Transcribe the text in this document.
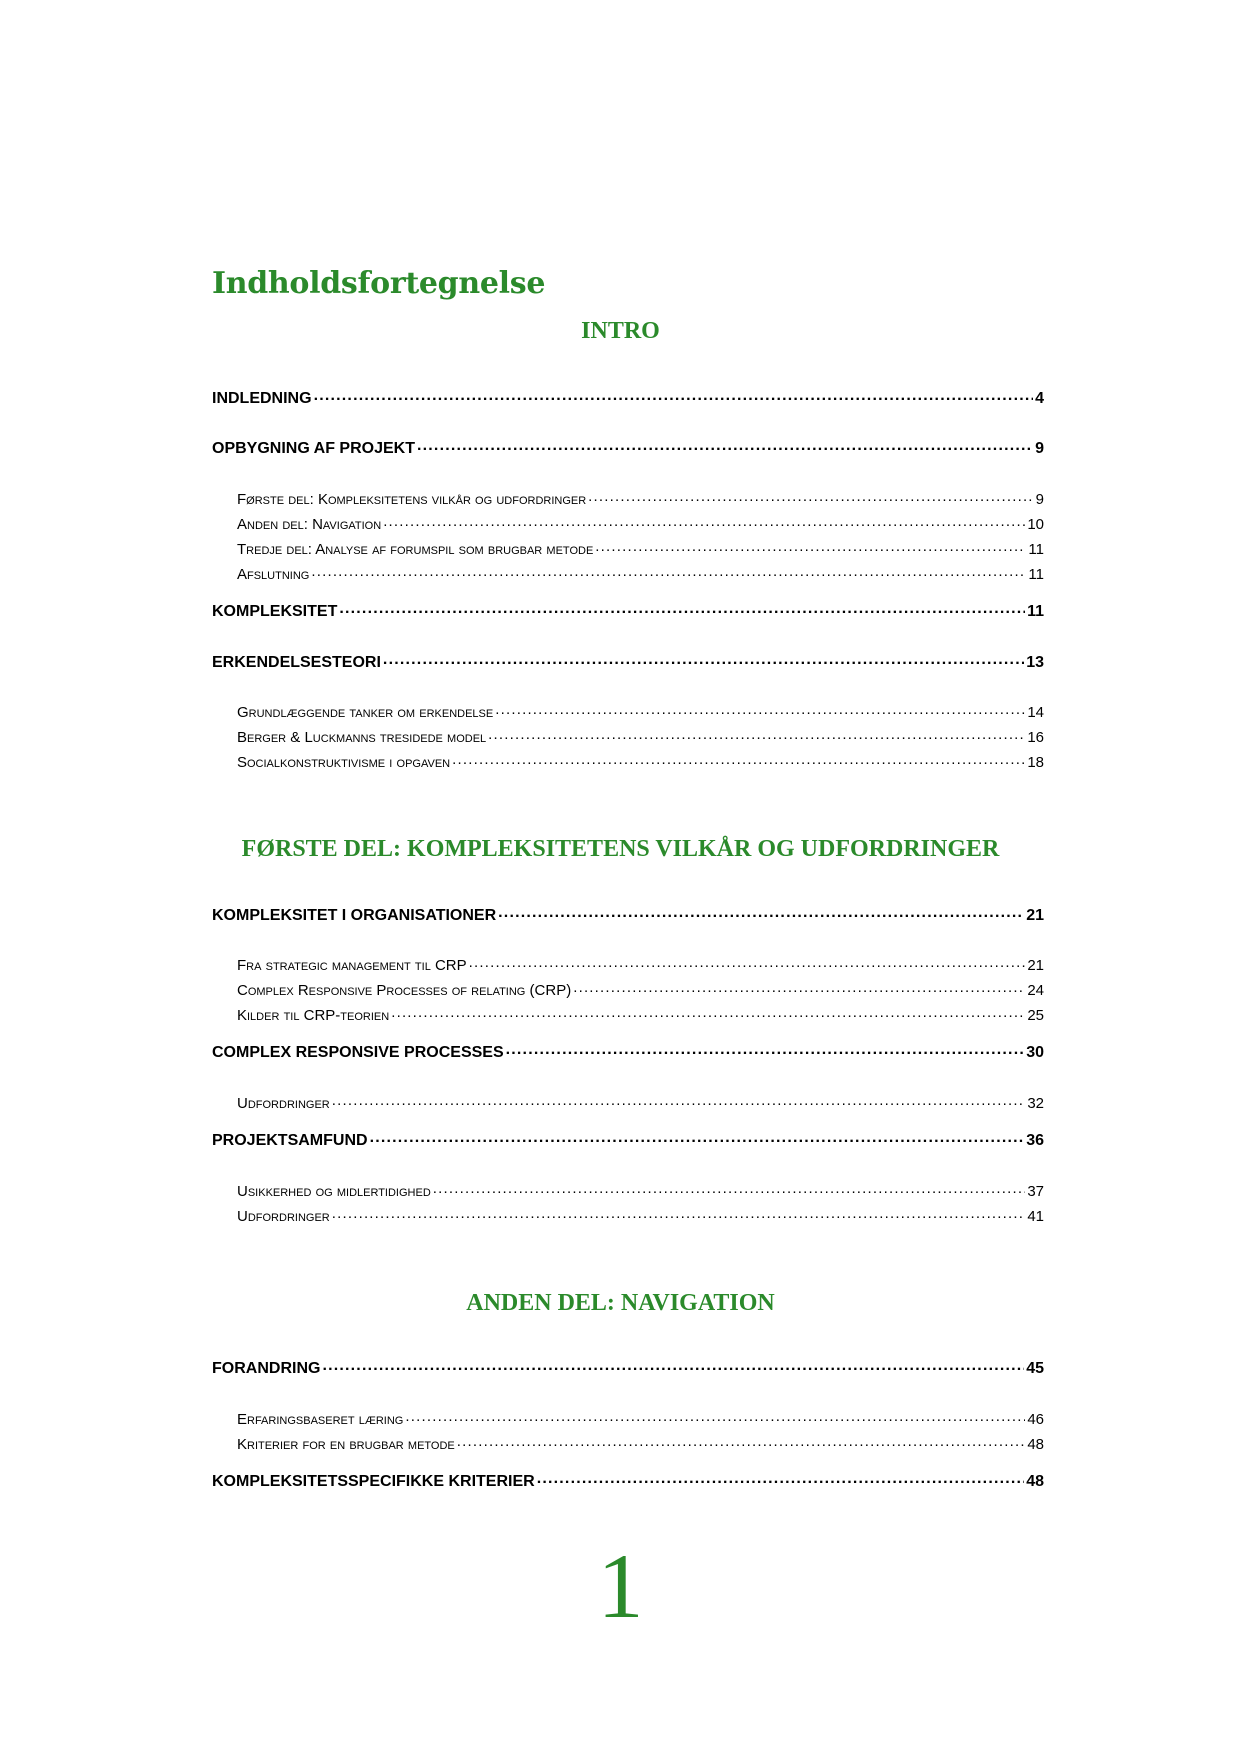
Indholdsfortegnelse
INTRO
INDLEDNING .....	4
OPBYGNING AF PROJEKT .....	9
Første del: Kompleksitetens vilkår og udfordringer .....	9
Anden del: Navigation .....	10
Tredje del: Analyse af forumspil som brugbar metode .....	11
Afslutning .....	11
KOMPLEKSITET .....	11
ERKENDELSESTEORI .....	13
Grundlæggende tanker om erkendelse .....	14
Berger & Luckmanns tresidede model .....	16
Socialkonstruktivisme i opgaven .....	18
FØRSTE DEL: KOMPLEKSITETENS VILKÅR OG UDFORDRINGER
KOMPLEKSITET I ORGANISATIONER .....	21
Fra strategic management til CRP .....	21
Complex Responsive Processes of relating (CRP) .....	24
Kilder til CRP-teorien .....	25
COMPLEX RESPONSIVE PROCESSES .....	30
Udfordringer .....	32
PROJEKTSAMFUND .....	36
Usikkerhed og midlertidighed .....	37
Udfordringer .....	41
ANDEN DEL: NAVIGATION
FORANDRING .....	45
Erfaringsbaseret læring .....	46
Kriterier for en brugbar metode .....	48
KOMPLEKSITETSSPECIFIKKE KRITERIER .....	48
1
